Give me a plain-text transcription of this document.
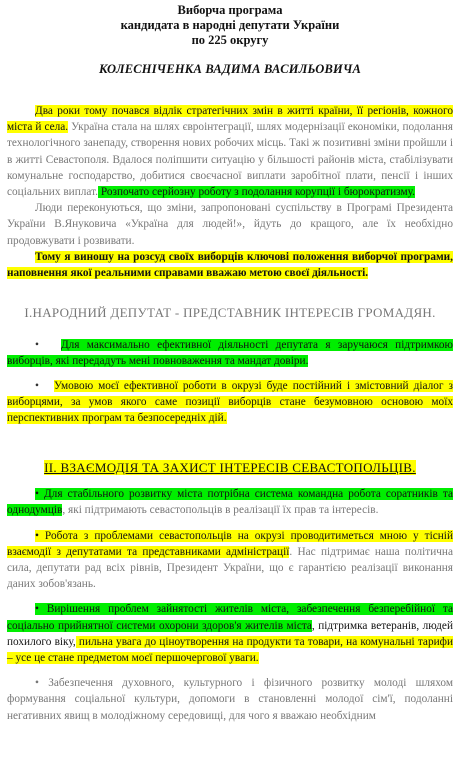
Виборча програма
кандидата в народні депутати України
по 225 округу
КОЛЕСНІЧЕНКА ВАДИМА ВАСИЛЬОВИЧА

Два роки тому почався відлік стратегічних змін в житті країни, її регіонів, кожного міста й села. Україна стала на шлях євроінтеграції, шлях модернізації економіки, подолання технологічного занепаду, створення нових робочих місць. Такі ж позитивні зміни пройшли і в житті Севастополя. Вдалося поліпшити ситуацію у більшості районів міста, стабілізувати комунальне господарство, добитися своєчасної виплати заробітної плати, пенсії і інших соціальних виплат. Розпочато серйозну роботу з подолання корупції і бюрократизму.

Люди переконуються, що зміни, запропоновані суспільству в Програмі Президента України В.Януковича «Україна для людей!», йдуть до кращого, але їх необхідно продовжувати і розвивати.

Тому я виношу на розсуд своїх виборців ключові положення виборчої програми, наповнення якої реальними справами вважаю метою своєї діяльності.

І.НАРОДНИЙ ДЕПУТАТ - ПРЕДСТАВНИК ІНТЕРЕСІВ ГРОМАДЯН.

• Для максимально ефективної діяльності депутата я заручаюся підтримкою виборців, які передадуть мені повноваження та мандат довіри.

• Умовою моєї ефективної роботи в окрузі буде постійний і змістовний діалог з виборцями, за умов якого саме позиції виборців стане безумовною основою моїх перспективних програм та безпосередніх дій.

ІІ. ВЗАЄМОДІЯ ТА ЗАХИСТ ІНТЕРЕСІВ СЕВАСТОПОЛЬЦІВ.

• Для стабільного розвитку міста потрібна система командна робота соратників та однодумців, які підтримають севастопольців в реалізації їх прав та інтересів.

• Робота з проблемами севастопольців на окрузі проводитиметься мною у тісній взаємодії з депутатами та представниками адміністрації. Нас підтримає наша політична сила, депутати рад всіх рівнів, Президент України, що є гарантією реалізації виконання даних зобов'язань.

• Вирішення проблем зайнятості жителів міста, забезпечення безперебійної та соціально прийнятної системи охорони здоров'я жителів міста, підтримка ветеранів, людей похилого віку, пильна увага до ціноутворення на продукти та товари, на комунальні тарифи – усе це стане предметом моєї першочергової уваги.

• Забезпечення духовного, культурного і фізичного розвитку молоді шляхом формування соціальної культури, допомоги в становленні молодої сім'ї, подоланні негативних явищ в молодіжному середовищі, для чого я вважаю необхідним
